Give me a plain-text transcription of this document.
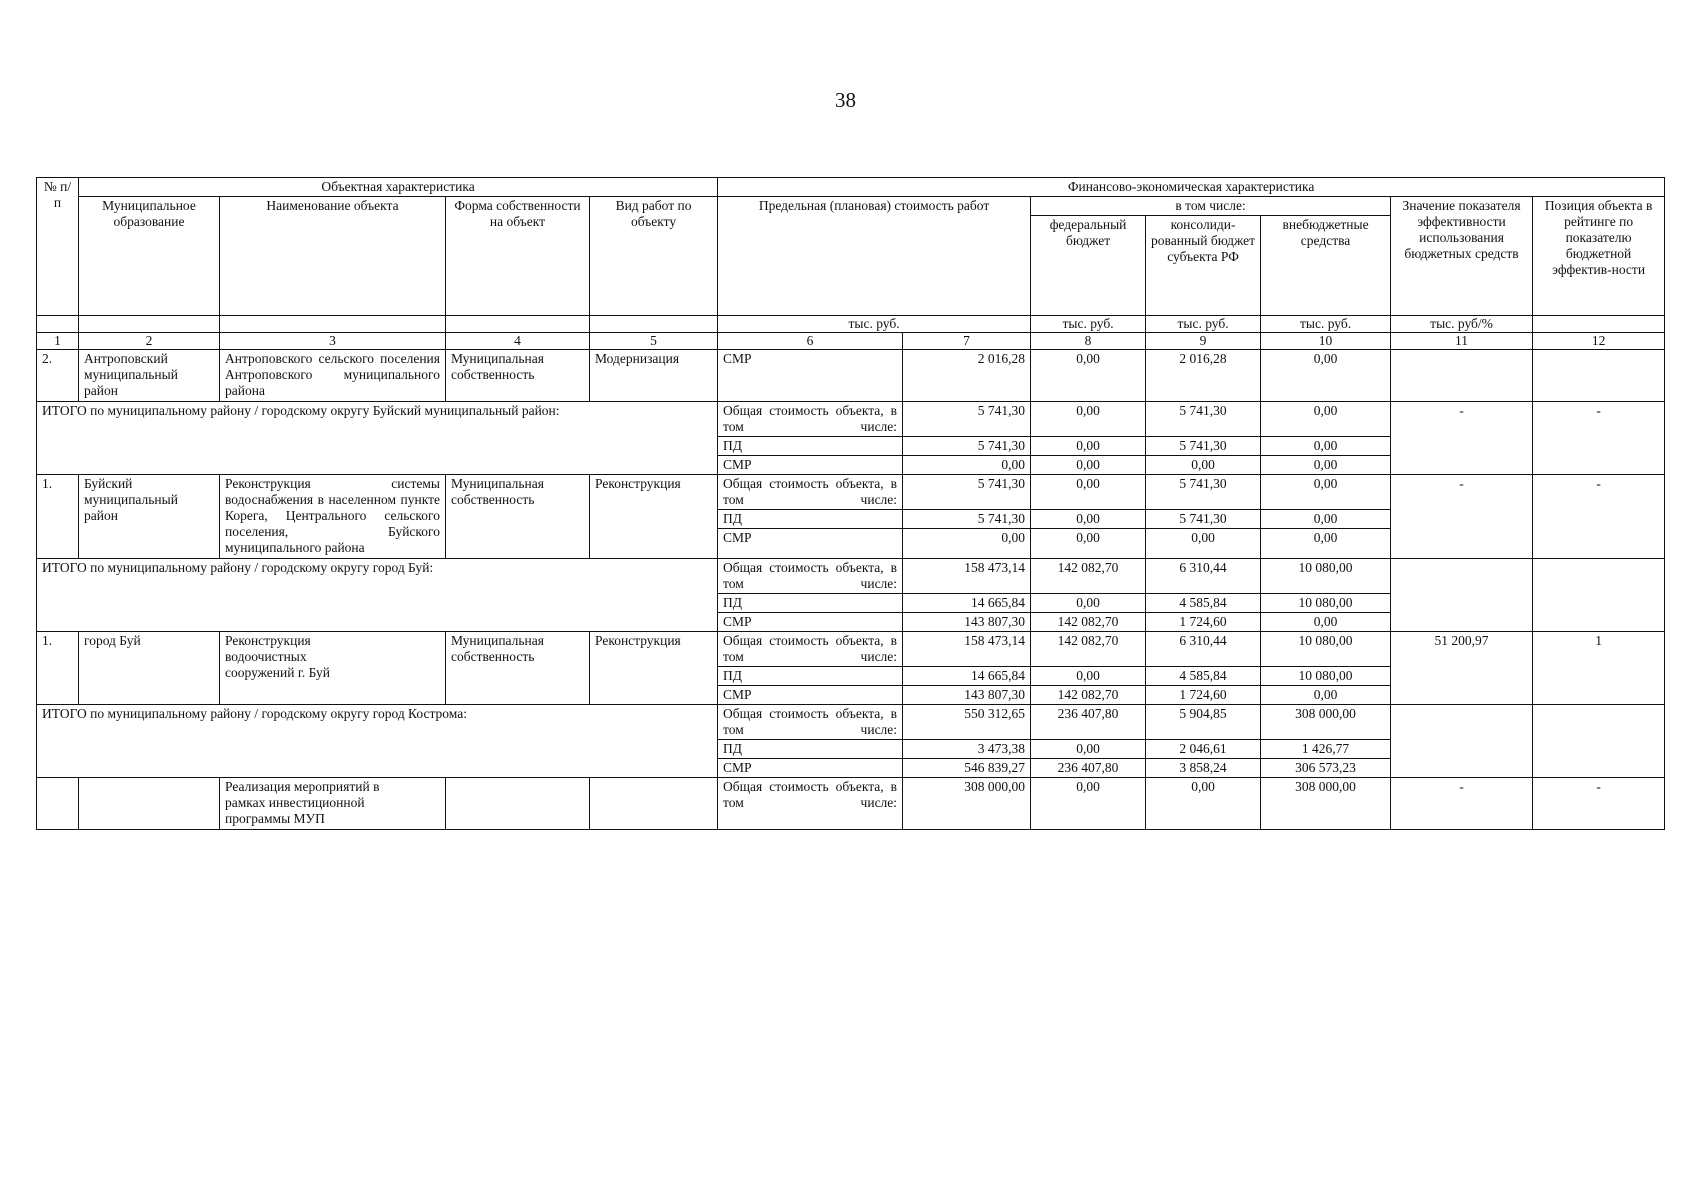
38
№ п/п	Объектная характеристика				Финансово-экономическая характеристика						
	Муниципальное образование	Наименование объекта	Форма собственности на объект	Вид работ по объекту	Предельная (плановая) стоимость работ		в том числе:			Значение показателя эффективности использования бюджетных средств	Позиция объекта в рейтинге по показателю бюджетной эффектив-ности
							федеральный бюджет	консолиди-рованный бюджет субъекта РФ	внебюджетные средства		
					тыс. руб.		тыс. руб.	тыс. руб.	тыс. руб.	тыс. руб/%	
1	2	3	4	5	6	7	8	9	10	11	12
2.	Антроповский муниципальный район	Антроповского сельского поселения Антроповского муниципального района	Муниципальная собственность	Модернизация	СМР	2 016,28	0,00	2 016,28	0,00		
ИТОГО по муниципальному району / городскому округу Буйский муниципальный район:					Общая стоимость объекта, в том числе:	5 741,30	0,00	5 741,30	0,00	-	-
					ПД	5 741,30	0,00	5 741,30	0,00		
					СМР	0,00	0,00	0,00	0,00		
1.	Буйский муниципальный район	Реконструкция системы водоснабжения в населенном пункте Корега, Центрального сельского поселения, Буйского муниципального района	Муниципальная собственность	Реконструкция	Общая стоимость объекта, в том числе:	5 741,30	0,00	5 741,30	0,00	-	-
					ПД	5 741,30	0,00	5 741,30	0,00		
					СМР	0,00	0,00	0,00	0,00		
ИТОГО по муниципальному району / городскому округу город Буй:					Общая стоимость объекта, в том числе:	158 473,14	142 082,70	6 310,44	10 080,00		
					ПД	14 665,84	0,00	4 585,84	10 080,00		
					СМР	143 807,30	142 082,70	1 724,60	0,00		
1.	город Буй	Реконструкция водоочистных сооружений г. Буй	Муниципальная собственность	Реконструкция	Общая стоимость объекта, в том числе:	158 473,14	142 082,70	6 310,44	10 080,00	51 200,97	1
					ПД	14 665,84	0,00	4 585,84	10 080,00		
					СМР	143 807,30	142 082,70	1 724,60	0,00		
ИТОГО по муниципальному району / городскому округу город Кострома:					Общая стоимость объекта, в том числе:	550 312,65	236 407,80	5 904,85	308 000,00		
					ПД	3 473,38	0,00	2 046,61	1 426,77		
					СМР	546 839,27	236 407,80	3 858,24	306 573,23		
		Реализация мероприятий в рамках инвестиционной программы МУП			Общая стоимость объекта, в том числе:	308 000,00	0,00	0,00	308 000,00	-	-
